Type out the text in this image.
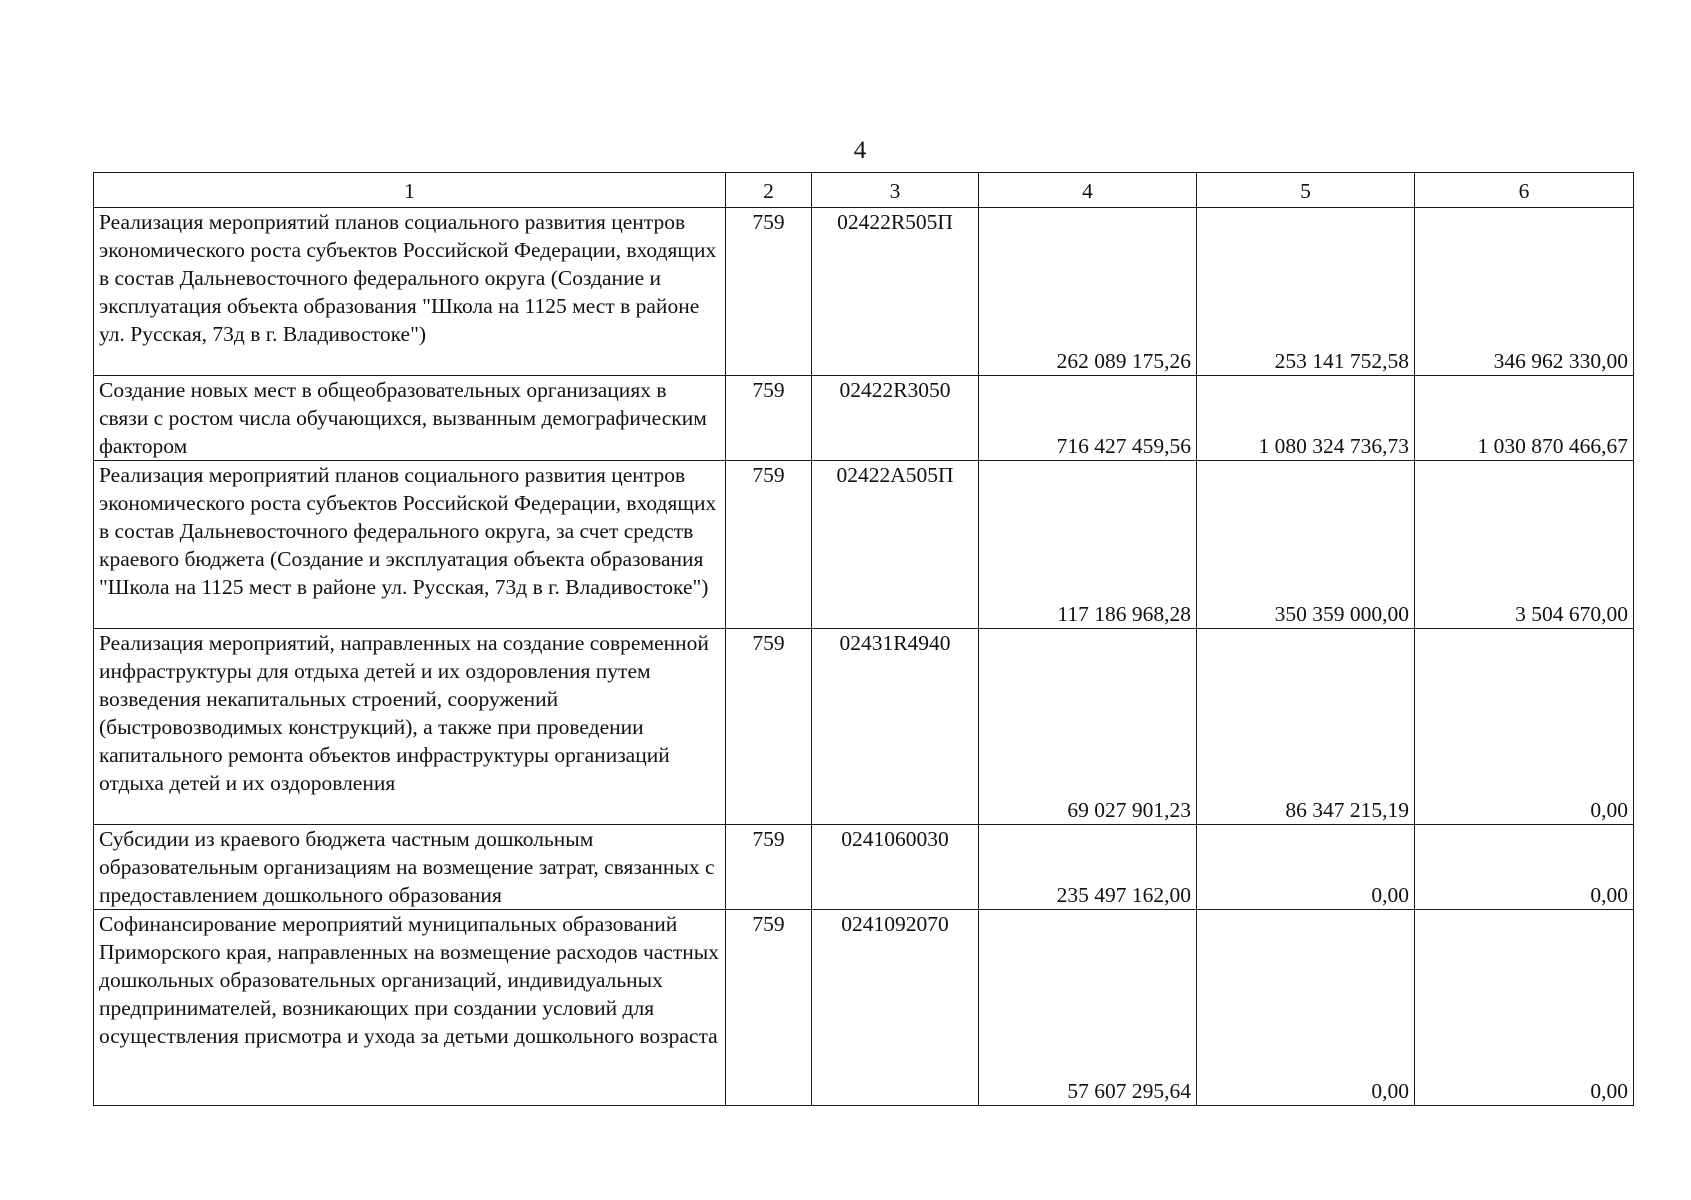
4
1	2	3	4	5	6
Реализация мероприятий планов социального развития центров экономического роста субъектов Российской Федерации, входящих в состав Дальневосточного федерального округа (Создание и эксплуатация объекта образования "Школа на 1125 мест в районе ул. Русская, 73д в г. Владивостоке")	759	02422R505П	262 089 175,26	253 141 752,58	346 962 330,00
Создание новых мест в общеобразовательных организациях в связи с ростом числа обучающихся, вызванным демографическим фактором	759	02422R3050	716 427 459,56	1 080 324 736,73	1 030 870 466,67
Реализация мероприятий планов социального развития центров экономического роста субъектов Российской Федерации, входящих в состав Дальневосточного федерального округа, за счет средств краевого бюджета (Создание и эксплуатация объекта образования "Школа на 1125 мест в районе ул. Русская, 73д в г. Владивостоке")	759	02422А505П	117 186 968,28	350 359 000,00	3 504 670,00
Реализация мероприятий, направленных на создание современной инфраструктуры для отдыха детей и их оздоровления путем возведения некапитальных строений, сооружений (быстровозводимых конструкций), а также при проведении капитального ремонта объектов инфраструктуры организаций отдыха детей и их оздоровления	759	02431R4940	69 027 901,23	86 347 215,19	0,00
Субсидии из краевого бюджета частным дошкольным образовательным организациям на возмещение затрат, связанных с предоставлением дошкольного образования	759	0241060030	235 497 162,00	0,00	0,00
Софинансирование мероприятий муниципальных образований Приморского края, направленных на возмещение расходов частных дошкольных образовательных организаций, индивидуальных предпринимателей, возникающих при создании условий для осуществления присмотра и ухода за детьми дошкольного возраста	759	0241092070	57 607 295,64	0,00	0,00
